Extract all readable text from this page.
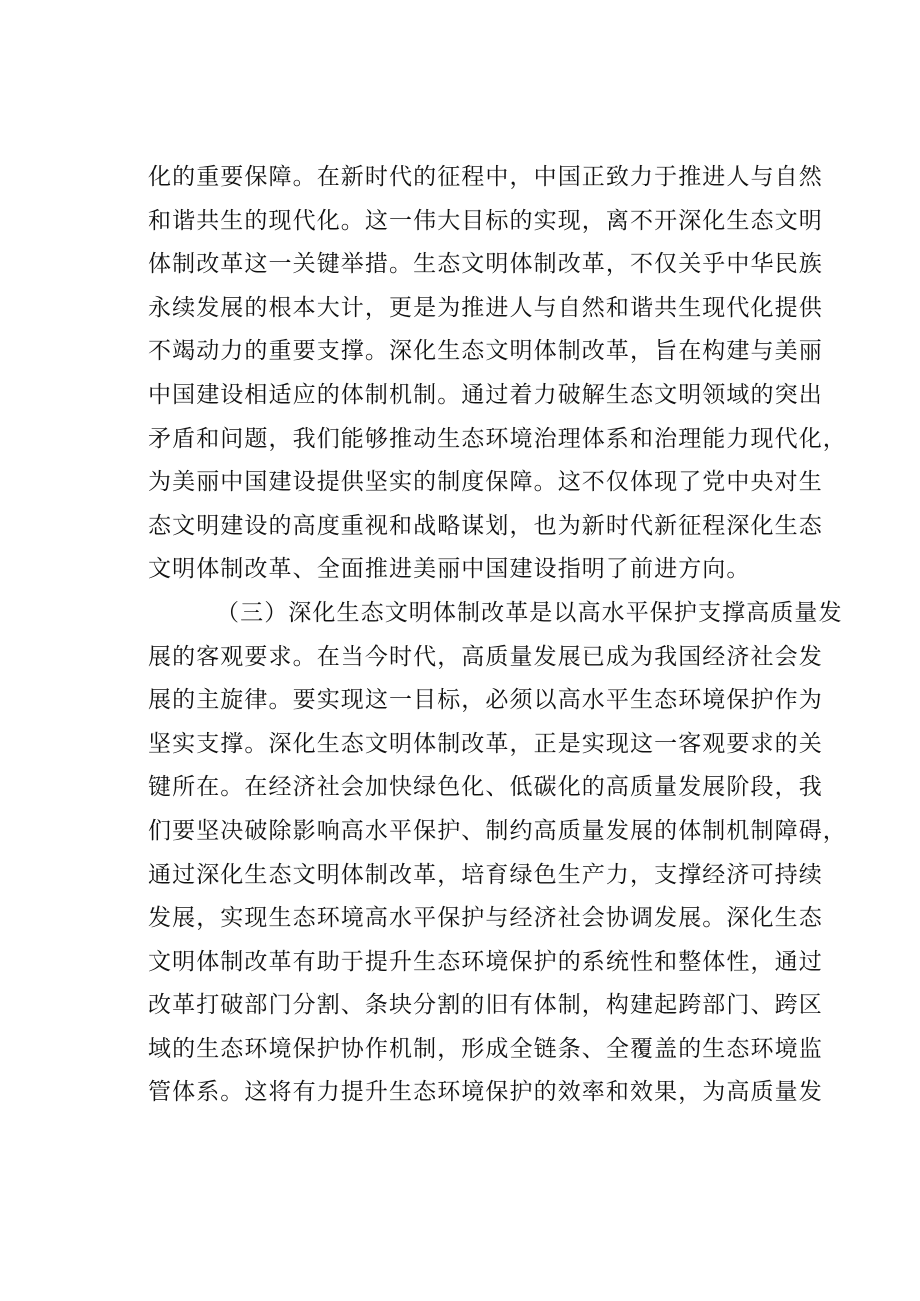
化的重要保障。在新时代的征程中，中国正致力于推进人与自然
和谐共生的现代化。这一伟大目标的实现，离不开深化生态文明
体制改革这一关键举措。生态文明体制改革，不仅关乎中华民族
永续发展的根本大计，更是为推进人与自然和谐共生现代化提供
不竭动力的重要支撑。深化生态文明体制改革，旨在构建与美丽
中国建设相适应的体制机制。通过着力破解生态文明领域的突出
矛盾和问题，我们能够推动生态环境治理体系和治理能力现代化，
为美丽中国建设提供坚实的制度保障。这不仅体现了党中央对生
态文明建设的高度重视和战略谋划，也为新时代新征程深化生态
文明体制改革、全面推进美丽中国建设指明了前进方向。
（三）深化生态文明体制改革是以高水平保护支撑高质量发
展的客观要求。在当今时代，高质量发展已成为我国经济社会发
展的主旋律。要实现这一目标，必须以高水平生态环境保护作为
坚实支撑。深化生态文明体制改革，正是实现这一客观要求的关
键所在。在经济社会加快绿色化、低碳化的高质量发展阶段，我
们要坚决破除影响高水平保护、制约高质量发展的体制机制障碍，
通过深化生态文明体制改革，培育绿色生产力，支撑经济可持续
发展，实现生态环境高水平保护与经济社会协调发展。深化生态
文明体制改革有助于提升生态环境保护的系统性和整体性，通过
改革打破部门分割、条块分割的旧有体制，构建起跨部门、跨区
域的生态环境保护协作机制，形成全链条、全覆盖的生态环境监
管体系。这将有力提升生态环境保护的效率和效果，为高质量发
